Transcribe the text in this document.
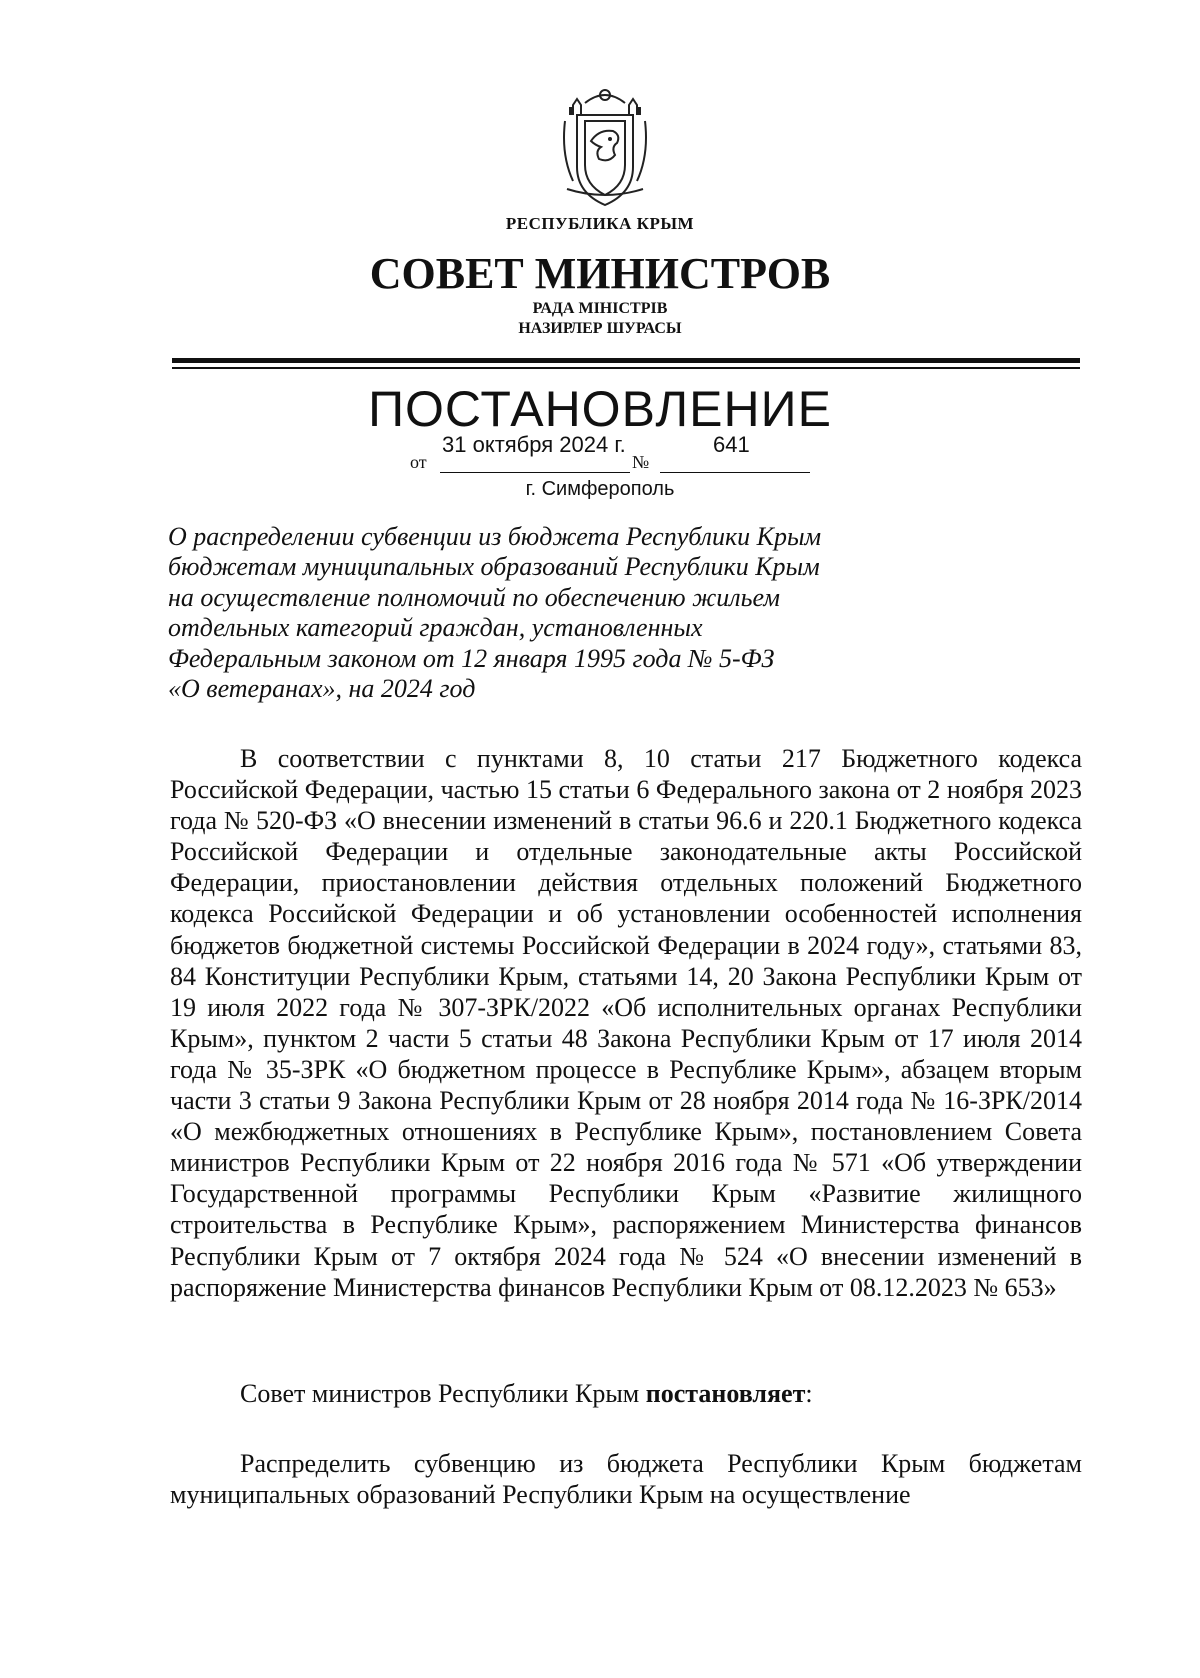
РЕСПУБЛИКА КРЫМ
СОВЕТ МИНИСТРОВ
РАДА МІНІСТРІВ
НАЗИРЛЕР ШУРАСЫ
ПОСТАНОВЛЕНИЕ
31 октября 2024 г.	641
от	№
г. Симферополь
О распределении субвенции из бюджета Республики Крым
бюджетам муниципальных образований Республики Крым
на осуществление полномочий по обеспечению жильем
отдельных категорий граждан, установленных
Федеральным законом от 12 января 1995 года № 5-ФЗ
«О ветеранах», на 2024 год

В соответствии с пунктами 8, 10 статьи 217 Бюджетного кодекса Российской Федерации, частью 15 статьи 6 Федерального закона от 2 ноября 2023 года № 520-ФЗ «О внесении изменений в статьи 96.6 и 220.1 Бюджетного кодекса Российской Федерации и отдельные законодательные акты Российской Федерации, приостановлении действия отдельных положений Бюджетного кодекса Российской Федерации и об установлении особенностей исполнения бюджетов бюджетной системы Российской Федерации в 2024 году», статьями 83, 84 Конституции Республики Крым, статьями 14, 20 Закона Республики Крым от 19 июля 2022 года № 307-ЗРК/2022 «Об исполнительных органах Республики Крым», пунктом 2 части 5 статьи 48 Закона Республики Крым от 17 июля 2014 года № 35-ЗРК «О бюджетном процессе в Республике Крым», абзацем вторым части 3 статьи 9 Закона Республики Крым от 28 ноября 2014 года № 16-ЗРК/2014 «О межбюджетных отношениях в Республике Крым», постановлением Совета министров Республики Крым от 22 ноября 2016 года № 571 «Об утверждении Государственной программы Республики Крым «Развитие жилищного строительства в Республике Крым», распоряжением Министерства финансов Республики Крым от 7 октября 2024 года № 524 «О внесении изменений в распоряжение Министерства финансов Республики Крым от 08.12.2023 № 653»

Совет министров Республики Крым постановляет:

Распределить субвенцию из бюджета Республики Крым бюджетам муниципальных образований Республики Крым на осуществление
